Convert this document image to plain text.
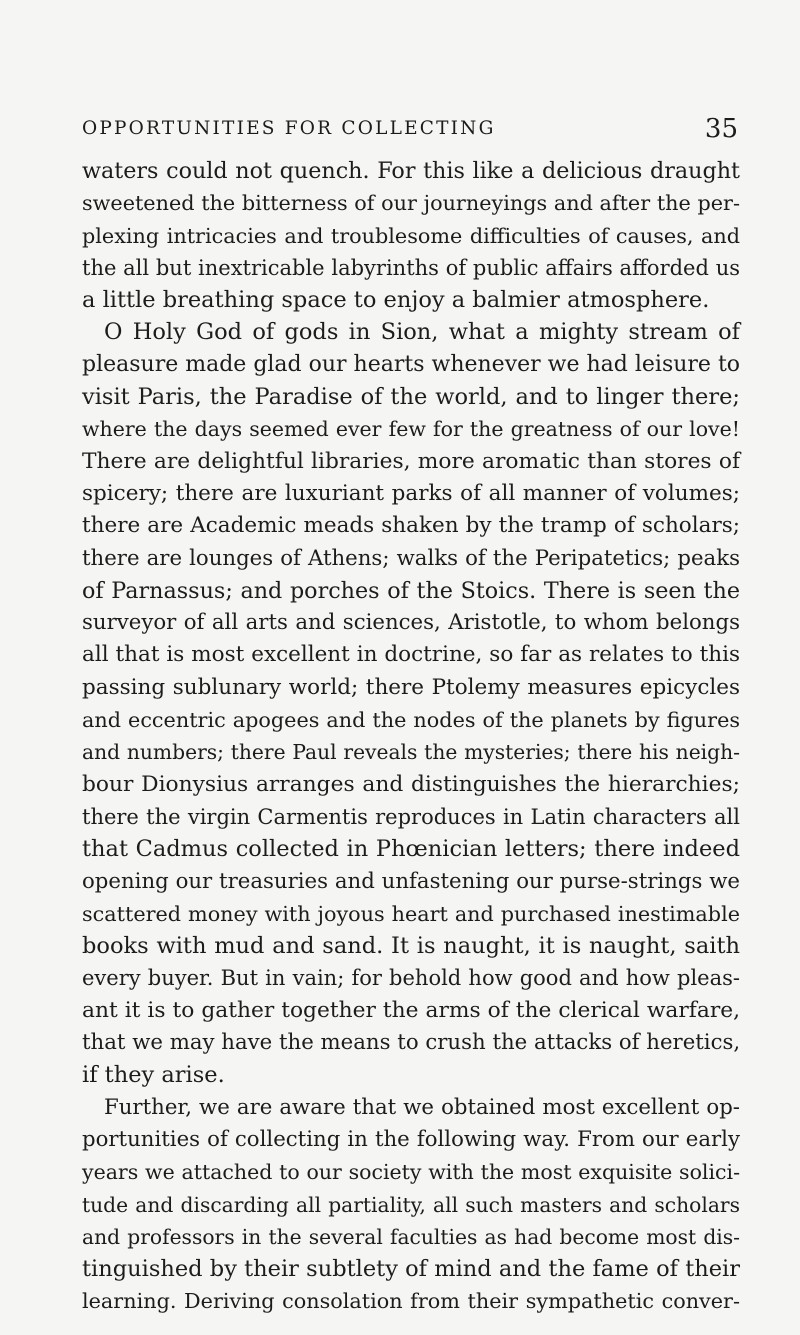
OPPORTUNITIES FOR COLLECTING	35
waters could not quench. For this like a delicious draught
sweetened the bitterness of our journeyings and after the per-
plexing intricacies and troublesome difficulties of causes, and
the all but inextricable labyrinths of public affairs afforded us
a little breathing space to enjoy a balmier atmosphere.
O Holy God of gods in Sion, what a mighty stream of
pleasure made glad our hearts whenever we had leisure to
visit Paris, the Paradise of the world, and to linger there;
where the days seemed ever few for the greatness of our love!
There are delightful libraries, more aromatic than stores of
spicery; there are luxuriant parks of all manner of volumes;
there are Academic meads shaken by the tramp of scholars;
there are lounges of Athens; walks of the Peripatetics; peaks
of Parnassus; and porches of the Stoics. There is seen the
surveyor of all arts and sciences, Aristotle, to whom belongs
all that is most excellent in doctrine, so far as relates to this
passing sublunary world; there Ptolemy measures epicycles
and eccentric apogees and the nodes of the planets by figures
and numbers; there Paul reveals the mysteries; there his neigh-
bour Dionysius arranges and distinguishes the hierarchies;
there the virgin Carmentis reproduces in Latin characters all
that Cadmus collected in Phœnician letters; there indeed
opening our treasuries and unfastening our purse-strings we
scattered money with joyous heart and purchased inestimable
books with mud and sand. It is naught, it is naught, saith
every buyer. But in vain; for behold how good and how pleas-
ant it is to gather together the arms of the clerical warfare,
that we may have the means to crush the attacks of heretics,
if they arise.
Further, we are aware that we obtained most excellent op-
portunities of collecting in the following way. From our early
years we attached to our society with the most exquisite solici-
tude and discarding all partiality, all such masters and scholars
and professors in the several faculties as had become most dis-
tinguished by their subtlety of mind and the fame of their
learning. Deriving consolation from their sympathetic conver-
